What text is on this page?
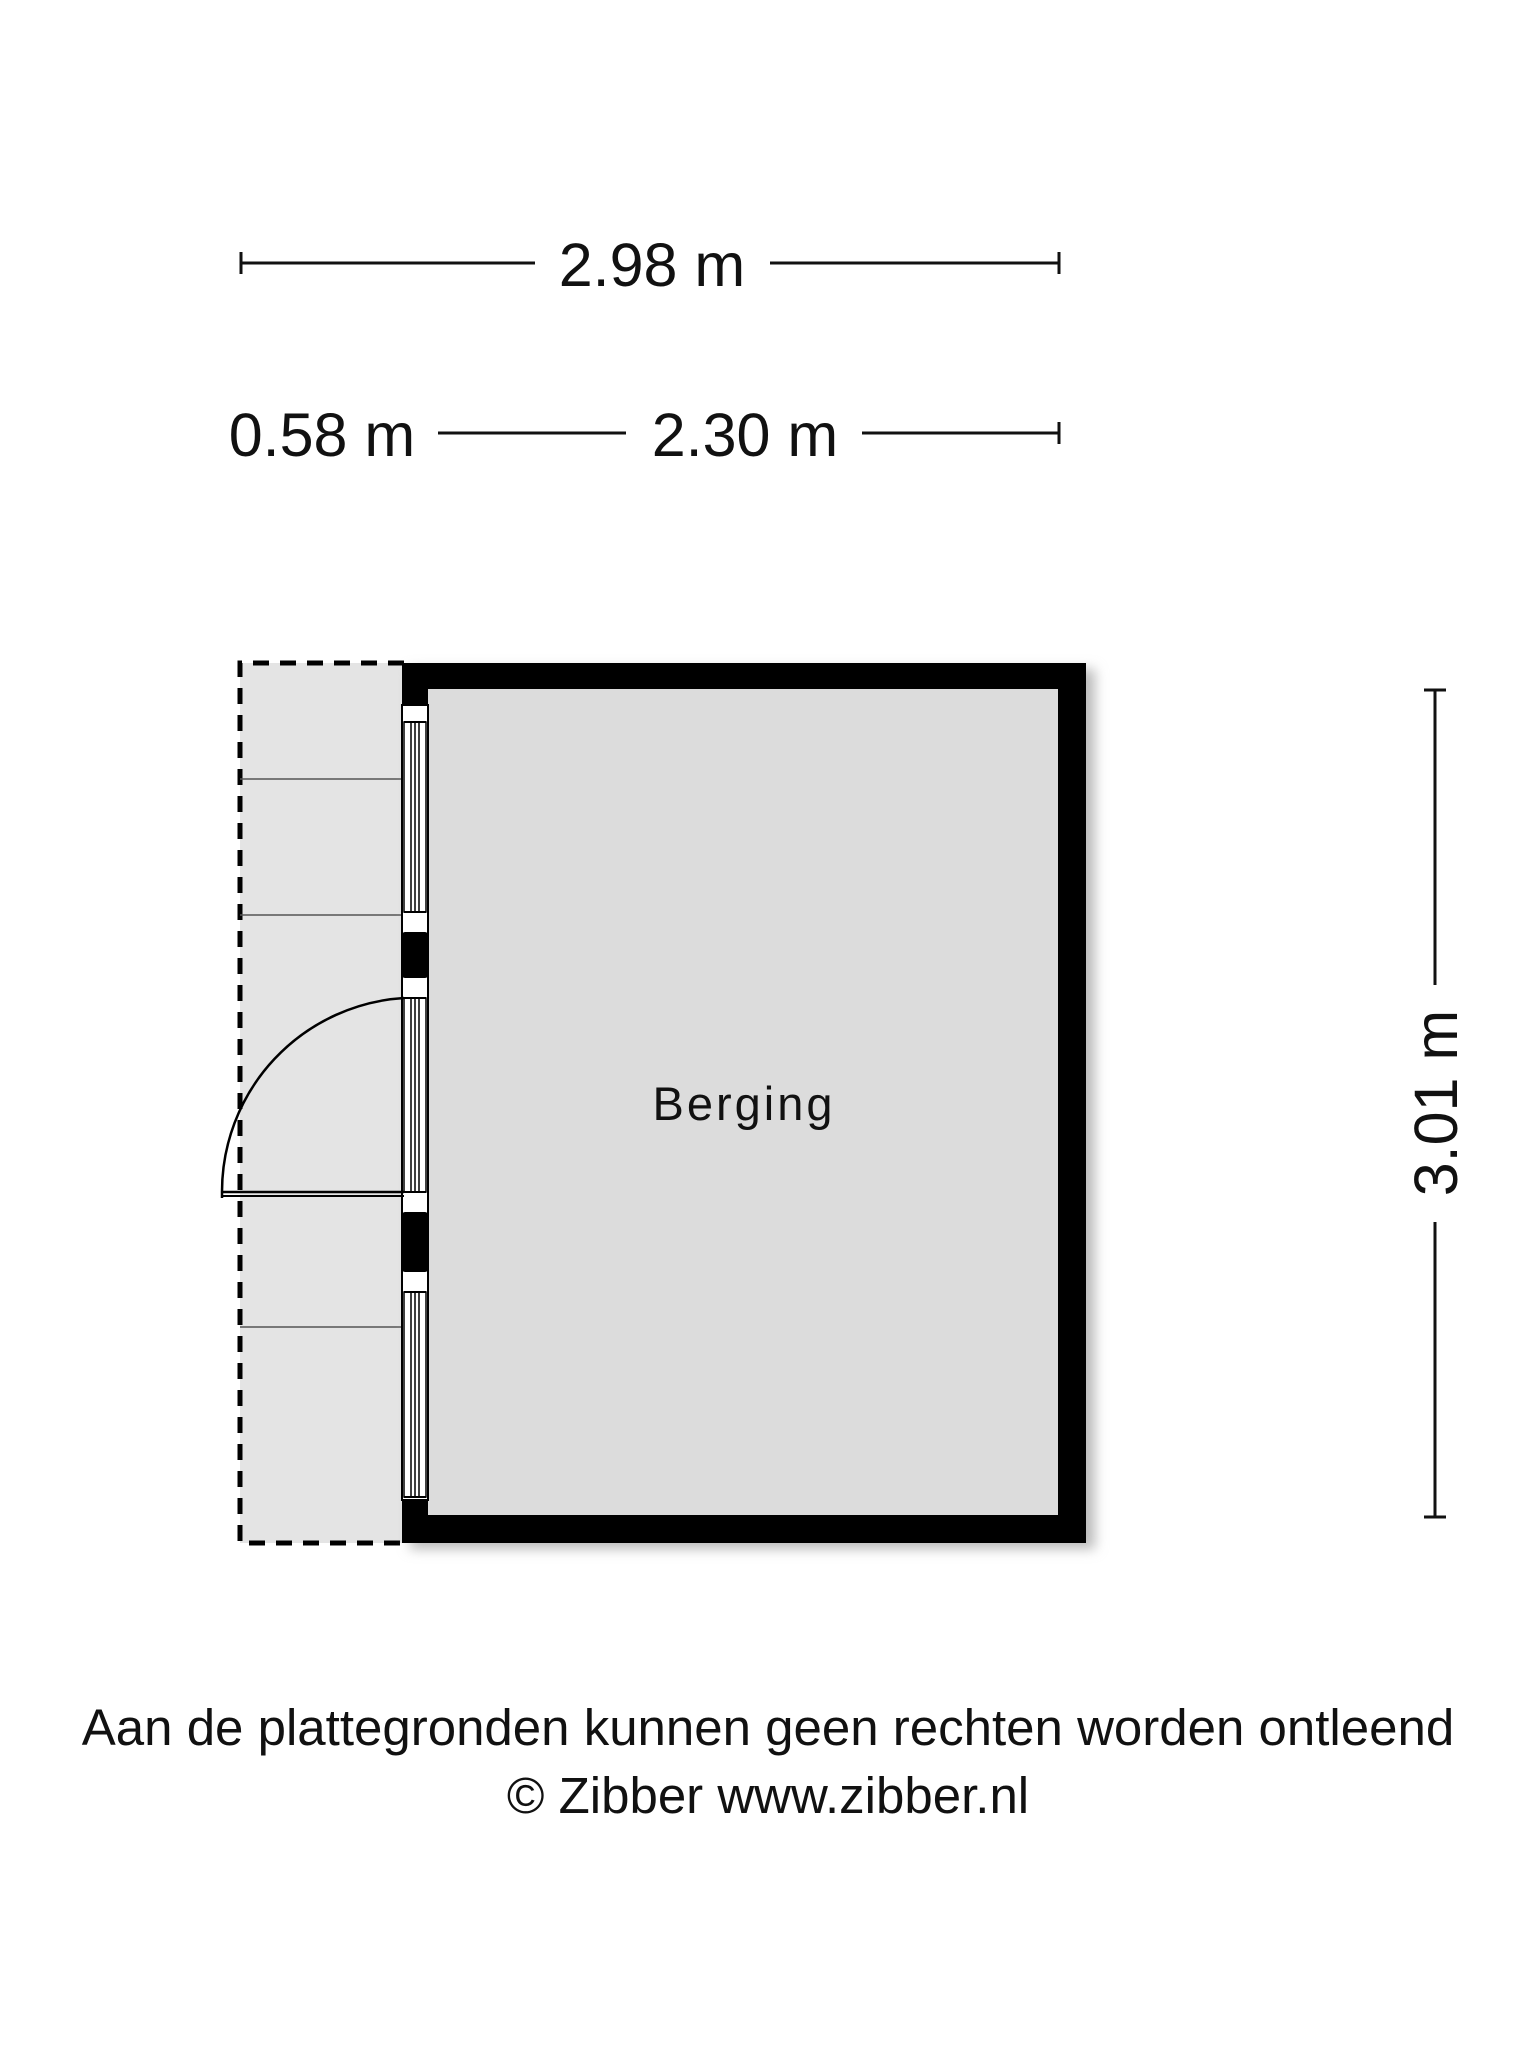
2.98 m
0.58 m	2.30 m
3.01 m
Berging
Aan de plattegronden kunnen geen rechten worden ontleend
© Zibber www.zibber.nl
